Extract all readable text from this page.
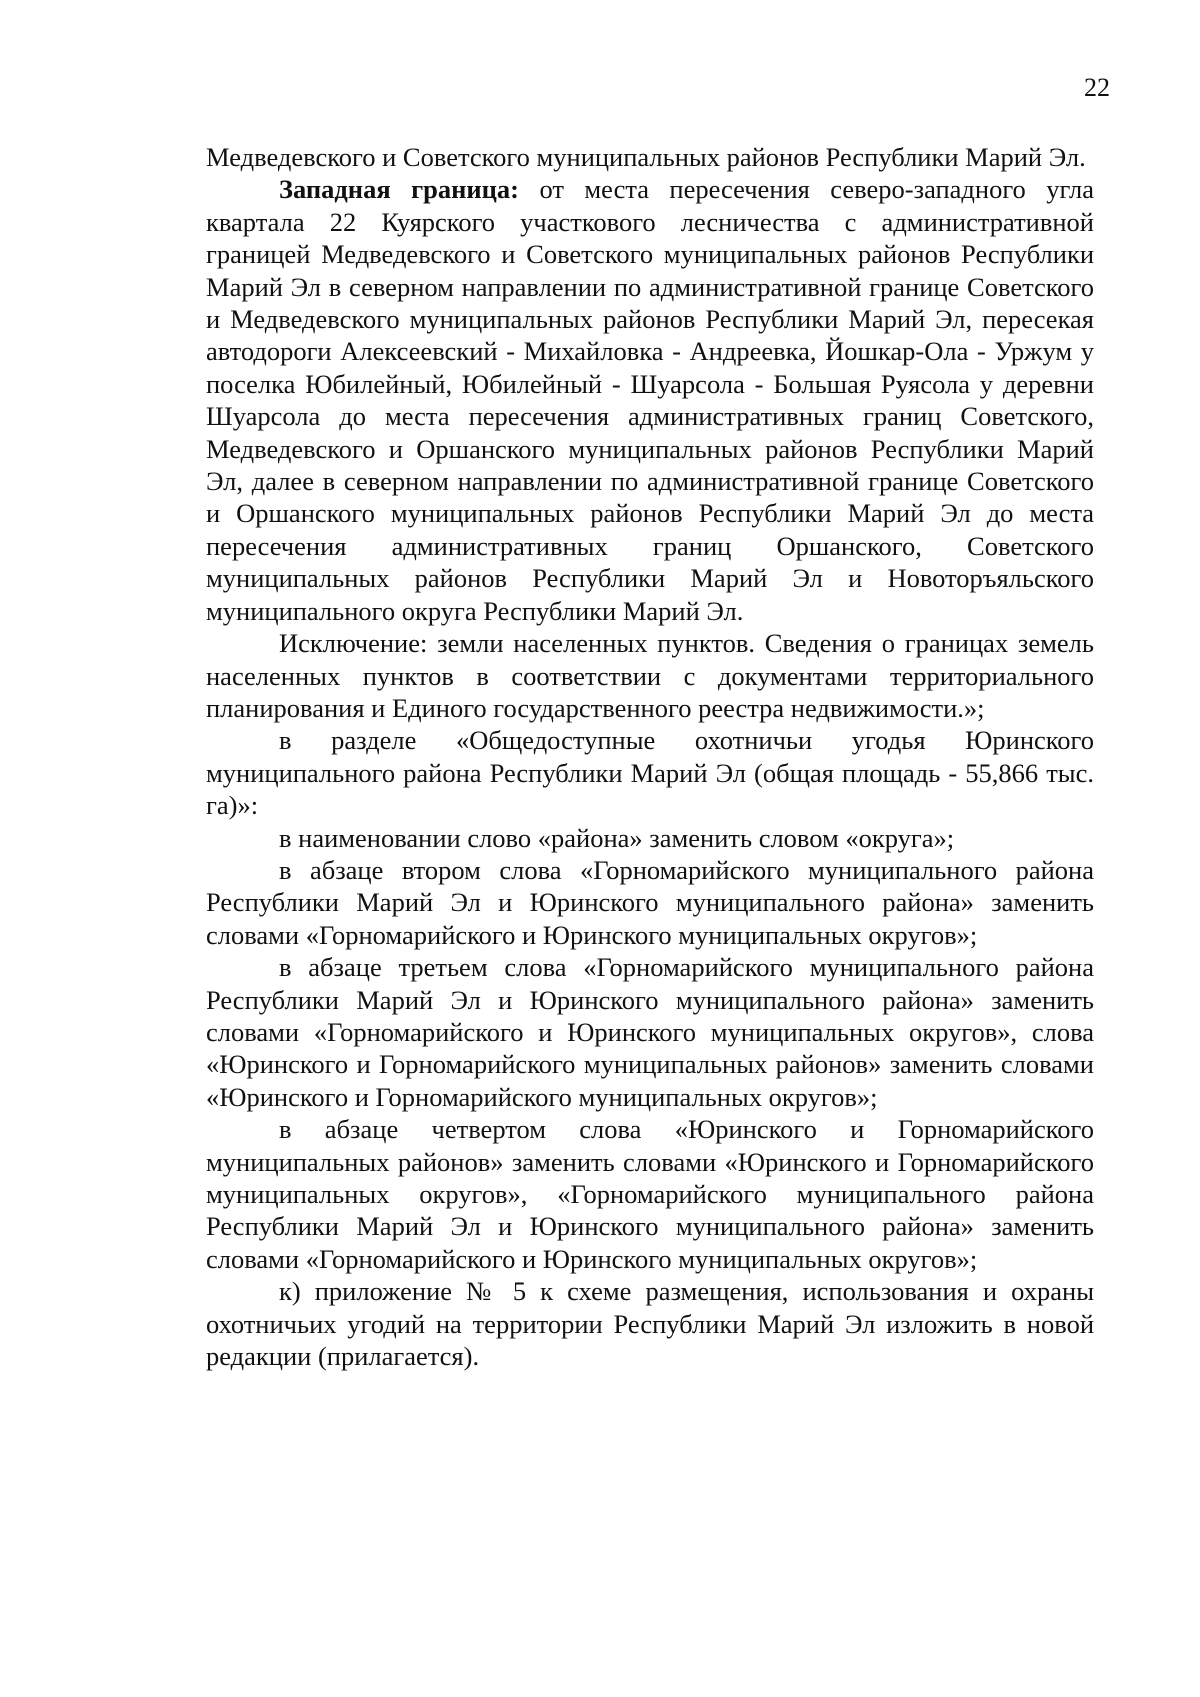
22

Медведевского и Советского муниципальных районов Республики Марий Эл.

Западная граница: от места пересечения северо-западного угла квартала 22 Куярского участкового лесничества с административной границей Медведевского и Советского муниципальных районов Республики Марий Эл в северном направлении по административной границе Советского и Медведевского муниципальных районов Республики Марий Эл, пересекая автодороги Алексеевский - Михайловка - Андреевка, Йошкар-Ола - Уржум у поселка Юбилейный, Юбилейный - Шуарсола - Большая Руясола у деревни Шуарсола до места пересечения административных границ Советского, Медведевского и Оршанского муниципальных районов Республики Марий Эл, далее в северном направлении по административной границе Советского и Оршанского муниципальных районов Республики Марий Эл до места пересечения административных границ Оршанского, Советского муниципальных районов Республики Марий Эл и Новоторъяльского муниципального округа Республики Марий Эл.

Исключение: земли населенных пунктов. Сведения о границах земель населенных пунктов в соответствии с документами территориального планирования и Единого государственного реестра недвижимости.»;

в разделе «Общедоступные охотничьи угодья Юринского муниципального района Республики Марий Эл (общая площадь - 55,866 тыс. га)»:

в наименовании слово «района» заменить словом «округа»;

в абзаце втором слова «Горномарийского муниципального района Республики Марий Эл и Юринского муниципального района» заменить словами «Горномарийского и Юринского муниципальных округов»;

в абзаце третьем слова «Горномарийского муниципального района Республики Марий Эл и Юринского муниципального района» заменить словами «Горномарийского и Юринского муниципальных округов», слова «Юринского и Горномарийского муниципальных районов» заменить словами «Юринского и Горномарийского муниципальных округов»;

в абзаце четвертом слова «Юринского и Горномарийского муниципальных районов» заменить словами «Юринского и Горномарийского муниципальных округов», «Горномарийского муниципального района Республики Марий Эл и Юринского муниципального района» заменить словами «Горномарийского и Юринского муниципальных округов»;

к) приложение № 5 к схеме размещения, использования и охраны охотничьих угодий на территории Республики Марий Эл изложить в новой редакции (прилагается).
